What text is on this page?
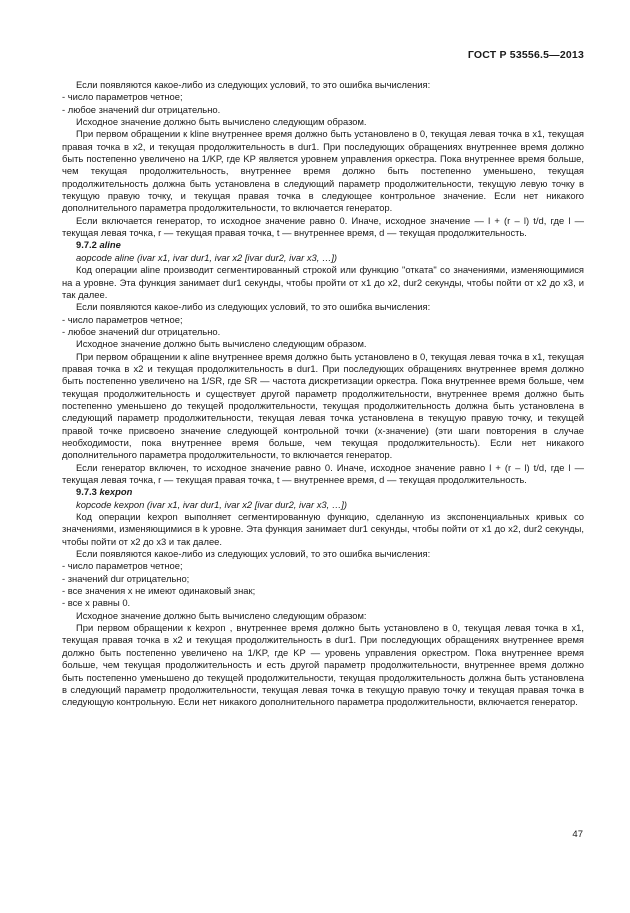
ГОСТ Р 53556.5—2013

Если появляются какое-либо из следующих условий, то это ошибка вычисления:

- число параметров четное;

- любое значений dur отрицательно.

Исходное значение должно быть вычислено следующим образом.

При первом обращении к kline внутреннее время должно быть установлено в 0, текущая левая точка в x1, текущая правая точка в x2, и текущая продолжительность в dur1. При последующих обращениях внутреннее время должно быть постепенно увеличено на 1/KP, где KP является уровнем управления оркестра. Пока внутреннее время больше, чем текущая продолжительность, внутреннее время должно быть постепенно уменьшено, текущая продолжительность должна быть установлена в следующий параметр продолжительности, текущую левую точку в текущую правую точку, и текущая правая точка в следующее контрольное значение. Если нет никакого дополнительного параметра продолжительности, то включается генератор.

Если включается генератор, то исходное значение равно 0. Иначе, исходное значение — l + (r – l) t/d, где l — текущая левая точка, r — текущая правая точка, t — внутреннее время, d — текущая продолжительность.

9.7.2 aline

aopcode aline (ivar x1, ivar dur1, ivar x2 [ivar dur2, ivar x3, …])

Код операции aline производит сегментированный строкой или функцию "отката" со значениями, изменяющимися на a уровне. Эта функция занимает dur1 секунды, чтобы пройти от x1 до x2, dur2 секунды, чтобы пойти от x2 до x3, и так далее.

Если появляются какое-либо из следующих условий, то это ошибка вычисления:

- число параметров четное;

- любое значений dur отрицательно.

Исходное значение должно быть вычислено следующим образом.

При первом обращении к aline внутреннее время должно быть установлено в 0, текущая левая точка в x1, текущая правая точка в x2 и текущая продолжительность в dur1. При последующих обращениях внутреннее время должно быть постепенно увеличено на 1/SR, где SR — частота дискретизации оркестра. Пока внутреннее время больше, чем текущая продолжительность и существует другой параметр продолжительности, внутреннее время должно быть постепенно уменьшено до текущей продолжительности, текущая продолжительность должна быть установлена в следующий параметр продолжительности, текущая левая точка установлена в текущую правую точку, и текущей правой точке присвоено значение следующей контрольной точки (x-значение) (эти шаги повторения в случае необходимости, пока внутреннее время больше, чем текущая продолжительность). Если нет никакого дополнительного параметра продолжительности, то включается генератор.

Если генератор включен, то исходное значение равно 0. Иначе, исходное значение равно l + (r – l) t/d, где l — текущая левая точка, r — текущая правая точка, t — внутреннее время, d — текущая продолжительность.

9.7.3 kexpon

kopcode kexpon (ivar x1, ivar dur1, ivar x2 [ivar dur2, ivar x3, …])

Код операции kexpon выполняет сегментированную функцию, сделанную из экспоненциальных кривых со значениями, изменяющимися в k уровне. Эта функция занимает dur1 секунды, чтобы пойти от x1 до x2, dur2 секунды, чтобы пойти от x2 до x3 и так далее.

Если появляются какое-либо из следующих условий, то это ошибка вычисления:

- число параметров четное;

- значений dur отрицательно;

- все значения x не имеют одинаковый знак;

- все x равны 0.

Исходное значение должно быть вычислено следующим образом:

При первом обращении к kexpon , внутреннее время должно быть установлено в 0, текущая левая точка в x1, текущая правая точка в x2 и текущая продолжительность в dur1. При последующих обращениях внутреннее время должно быть постепенно увеличено на 1/KP, где KP — уровень управления оркестром. Пока внутреннее время больше, чем текущая продолжительность и есть другой параметр продолжительности, внутреннее время должно быть постепенно уменьшено до текущей продолжительности, текущая продолжительность должна быть установлена в следующий параметр продолжительности, текущая левая точка в текущую правую точку и текущая правая точка в следующую контрольную. Если нет никакого дополнительного параметра продолжительности, включается генератор.

47
